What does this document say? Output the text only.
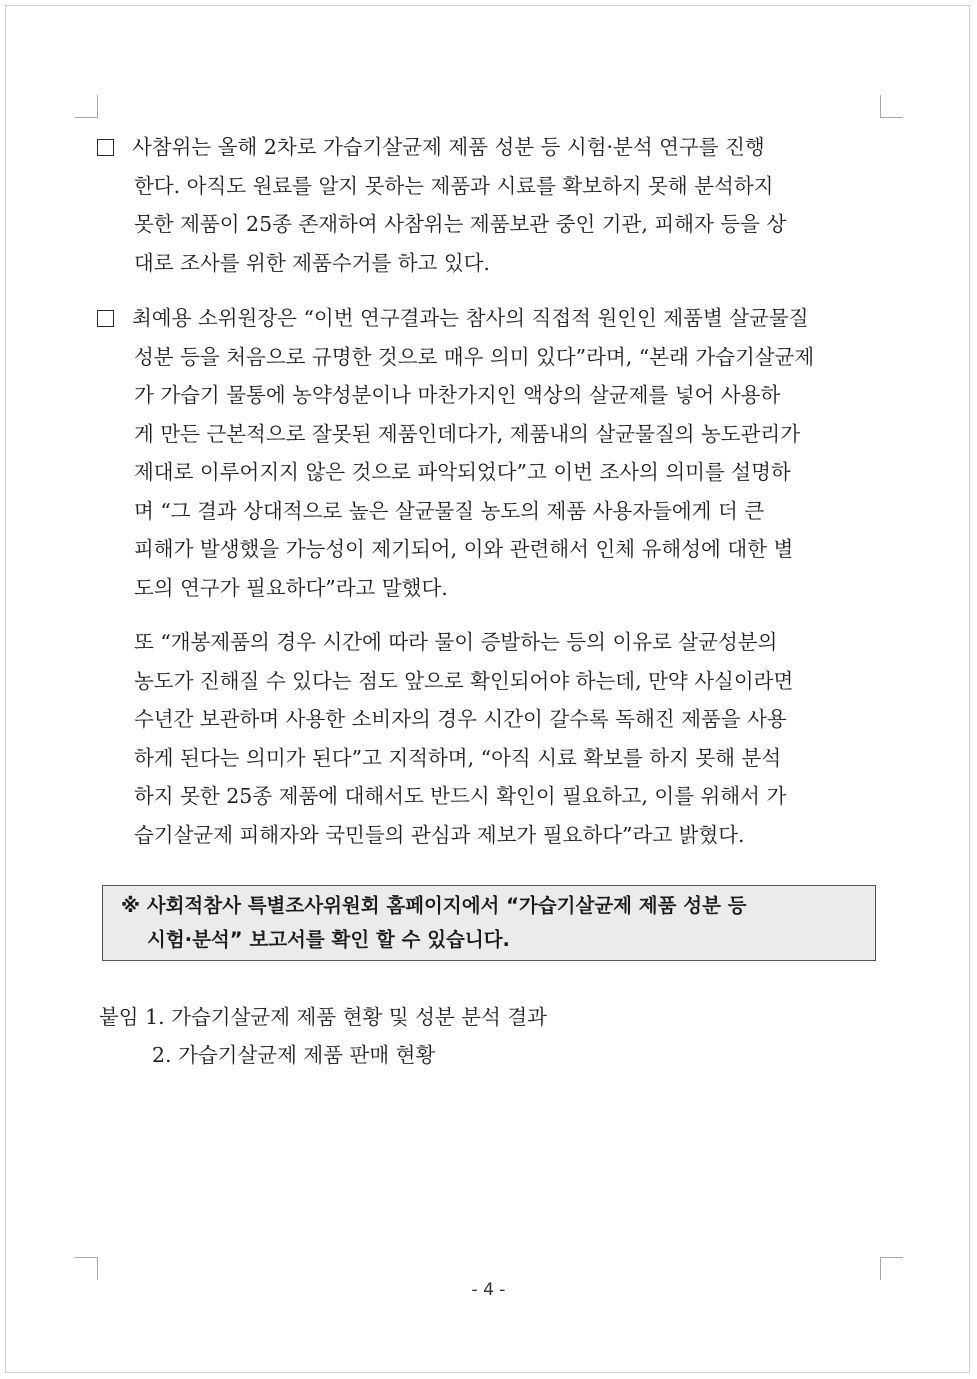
사참위는 올해 2차로 가습기살균제 제품 성분 등 시험·분석 연구를 진행
한다. 아직도 원료를 알지 못하는 제품과 시료를 확보하지 못해 분석하지
못한 제품이 25종 존재하여 사참위는 제품보관 중인 기관, 피해자 등을 상
대로 조사를 위한 제품수거를 하고 있다.
최예용 소위원장은 “이번 연구결과는 참사의 직접적 원인인 제품별 살균물질
성분 등을 처음으로 규명한 것으로 매우 의미 있다”라며, “본래 가습기살균제
가 가습기 물통에 농약성분이나 마찬가지인 액상의 살균제를 넣어 사용하
게 만든 근본적으로 잘못된 제품인데다가, 제품내의 살균물질의 농도관리가
제대로 이루어지지 않은 것으로 파악되었다”고 이번 조사의 의미를 설명하
며 “그 결과 상대적으로 높은 살균물질 농도의 제품 사용자들에게 더 큰
피해가 발생했을 가능성이 제기되어, 이와 관련해서 인체 유해성에 대한 별
도의 연구가 필요하다”라고 말했다.
또 “개봉제품의 경우 시간에 따라 물이 증발하는 등의 이유로 살균성분의
농도가 진해질 수 있다는 점도 앞으로 확인되어야 하는데, 만약 사실이라면
수년간 보관하며 사용한 소비자의 경우 시간이 갈수록 독해진 제품을 사용
하게 된다는 의미가 된다”고 지적하며, “아직 시료 확보를 하지 못해 분석
하지 못한 25종 제품에 대해서도 반드시 확인이 필요하고, 이를 위해서 가
습기살균제 피해자와 국민들의 관심과 제보가 필요하다”라고 밝혔다.
※ 사회적참사 특별조사위원회 홈페이지에서 “가습기살균제 제품 성분 등
시험·분석” 보고서를 확인 할 수 있습니다.
붙임 1. 가습기살균제 제품 현황 및 성분 분석 결과
2. 가습기살균제 제품 판매 현황
- 4 -
